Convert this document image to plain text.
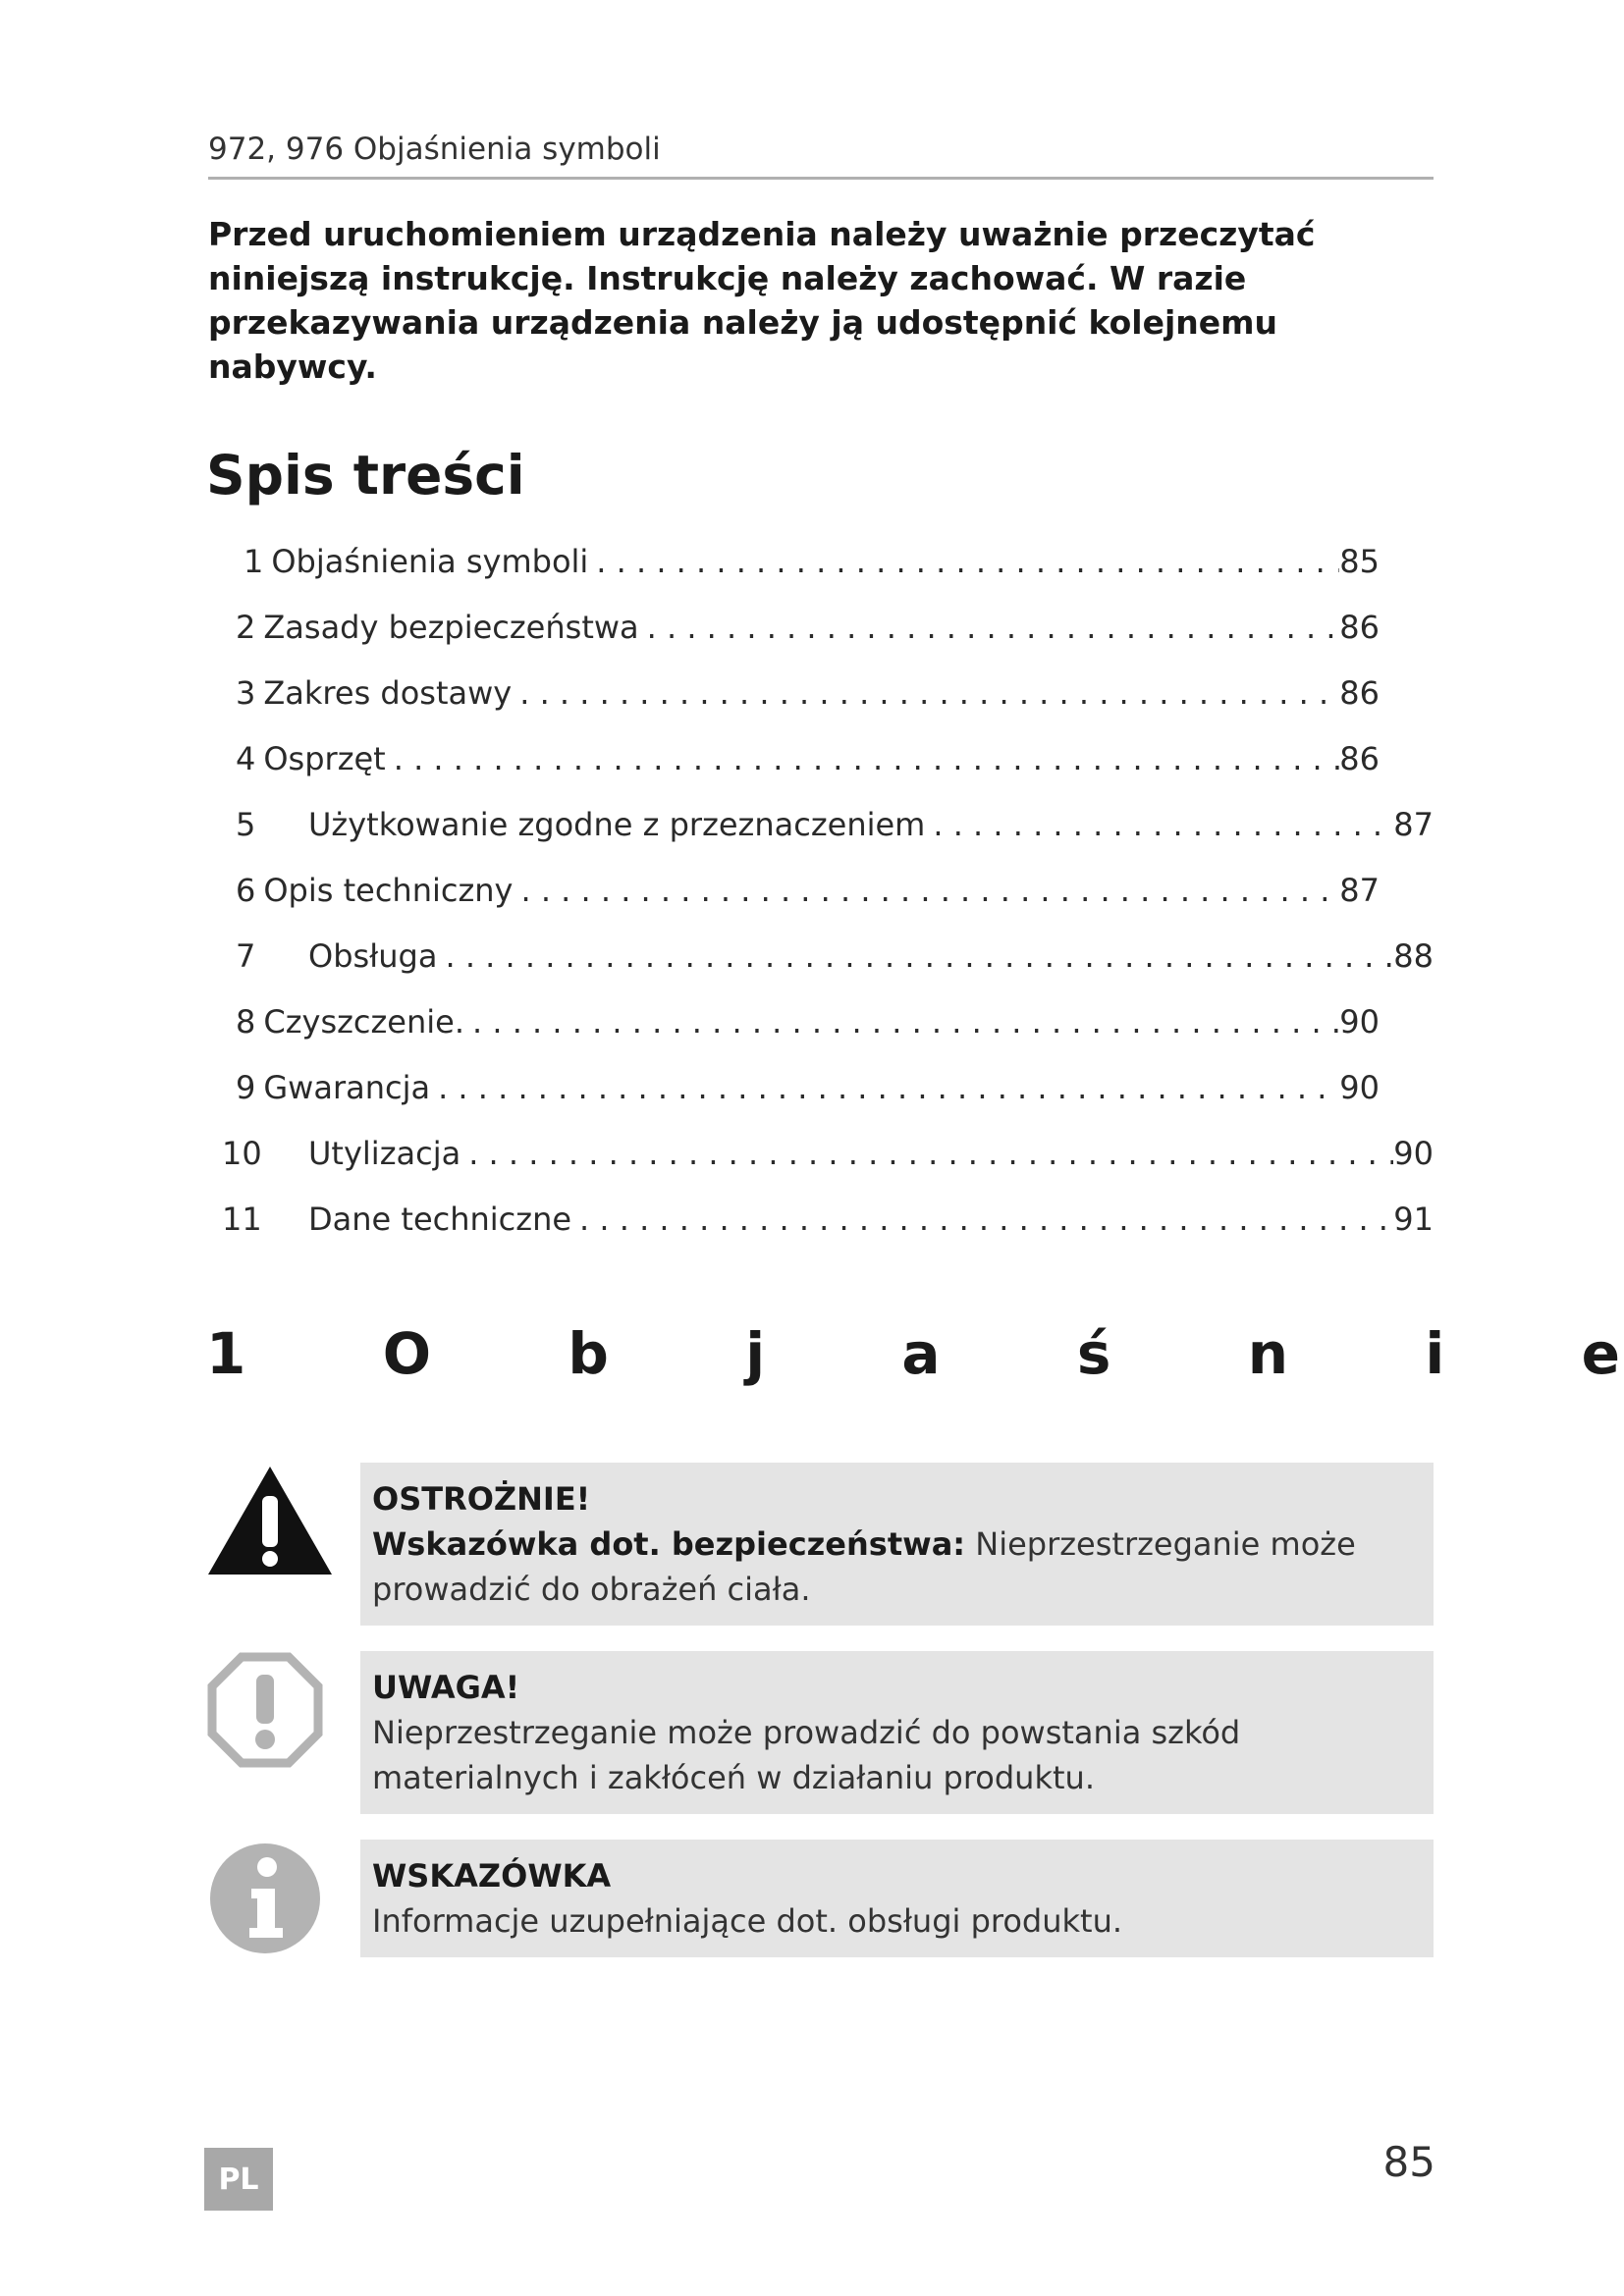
972, 976 Objaśnienia symboli
Przed uruchomieniem urządzenia należy uważnie przeczytać niniejszą instrukcję. Instrukcję należy zachować. W razie przekazywania urządzenia należy ją udostępnić kolejnemu nabywcy.
Spis treści
1 Objaśnienia symboli . . .	85
2 Zasady bezpieczeństwa . . .	86
3 Zakres dostawy . . .	86
4 Osprzęt . . .	86
5	Użytkowanie zgodne z przeznaczeniem . . .	87
6 Opis techniczny . . .	87
7	Obsługa . . .	88
8 Czyszczenie. . . .	90
9 Gwarancja . . .	90
10	Utylizacja . . .	90
11	Dane techniczne . . .	91
1 O b j a ś n i e
OSTROŻNIE!
Wskazówka dot. bezpieczeństwa: Nieprzestrzeganie może prowadzić do obrażeń ciała.
UWAGA!
Nieprzestrzeganie może prowadzić do powstania szkód materialnych i zakłóceń w działaniu produktu.
WSKAZÓWKA
Informacje uzupełniające dot. obsługi produktu.
PL	85
